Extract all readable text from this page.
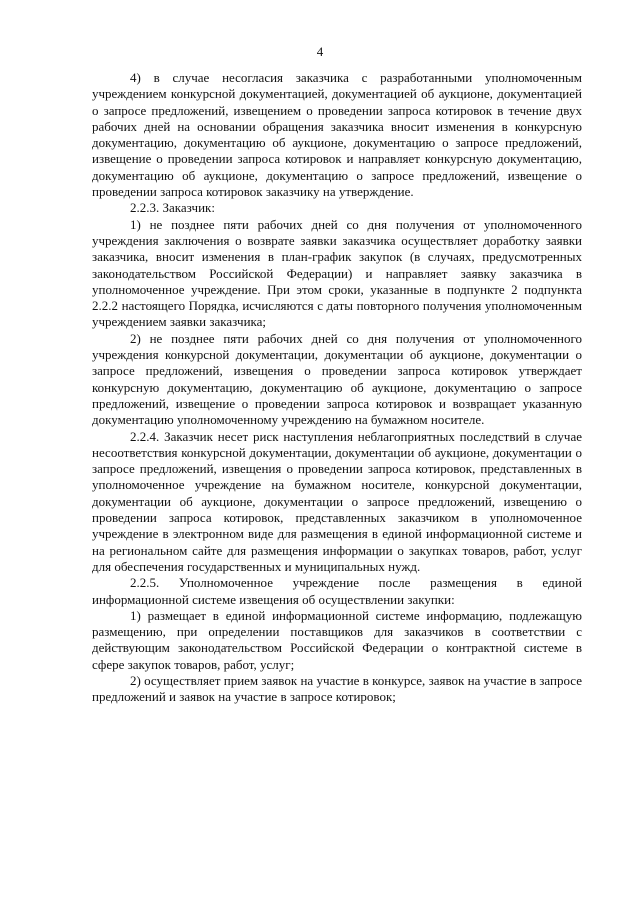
4

4) в случае несогласия заказчика с разработанными уполномоченным учреждением конкурсной документацией, документацией об аукционе, документацией о запросе предложений, извещением о проведении запроса котировок в течение двух рабочих дней на основании обращения заказчика вносит изменения в конкурсную документацию, документацию об аукционе, документацию о запросе предложений, извещение о проведении запроса котировок и направляет конкурсную документацию, документацию об аукционе, документацию о запросе предложений, извещение о проведении запроса котировок заказчику на утверждение.

2.2.3. Заказчик:

1) не позднее пяти рабочих дней со дня получения от уполномоченного учреждения заключения о возврате заявки заказчика осуществляет доработку заявки заказчика, вносит изменения в план-график закупок (в случаях, предусмотренных законодательством Российской Федерации) и направляет заявку заказчика в уполномоченное учреждение. При этом сроки, указанные в подпункте 2 подпункта 2.2.2 настоящего Порядка, исчисляются с даты повторного получения уполномоченным учреждением заявки заказчика;

2) не позднее пяти рабочих дней со дня получения от уполномоченного учреждения конкурсной документации, документации об аукционе, документации о запросе предложений, извещения о проведении запроса котировок утверждает конкурсную документацию, документацию об аукционе, документацию о запросе предложений, извещение о проведении запроса котировок и возвращает указанную документацию уполномоченному учреждению на бумажном носителе.

2.2.4. Заказчик несет риск наступления неблагоприятных последствий в случае несоответствия конкурсной документации, документации об аукционе, документации о запросе предложений, извещения о проведении запроса котировок, представленных в уполномоченное учреждение на бумажном носителе, конкурсной документации, документации об аукционе, документации о запросе предложений, извещению о проведении запроса котировок, представленных заказчиком в уполномоченное учреждение в электронном виде для размещения в единой информационной системе и на региональном сайте для размещения информации о закупках товаров, работ, услуг для обеспечения государственных и муниципальных нужд.

2.2.5. Уполномоченное учреждение после размещения в единой информационной системе извещения об осуществлении закупки:

1) размещает в единой информационной системе информацию, подлежащую размещению, при определении поставщиков для заказчиков в соответствии с действующим законодательством Российской Федерации о контрактной системе в сфере закупок товаров, работ, услуг;

2) осуществляет прием заявок на участие в конкурсе, заявок на участие в запросе предложений и заявок на участие в запросе котировок;
